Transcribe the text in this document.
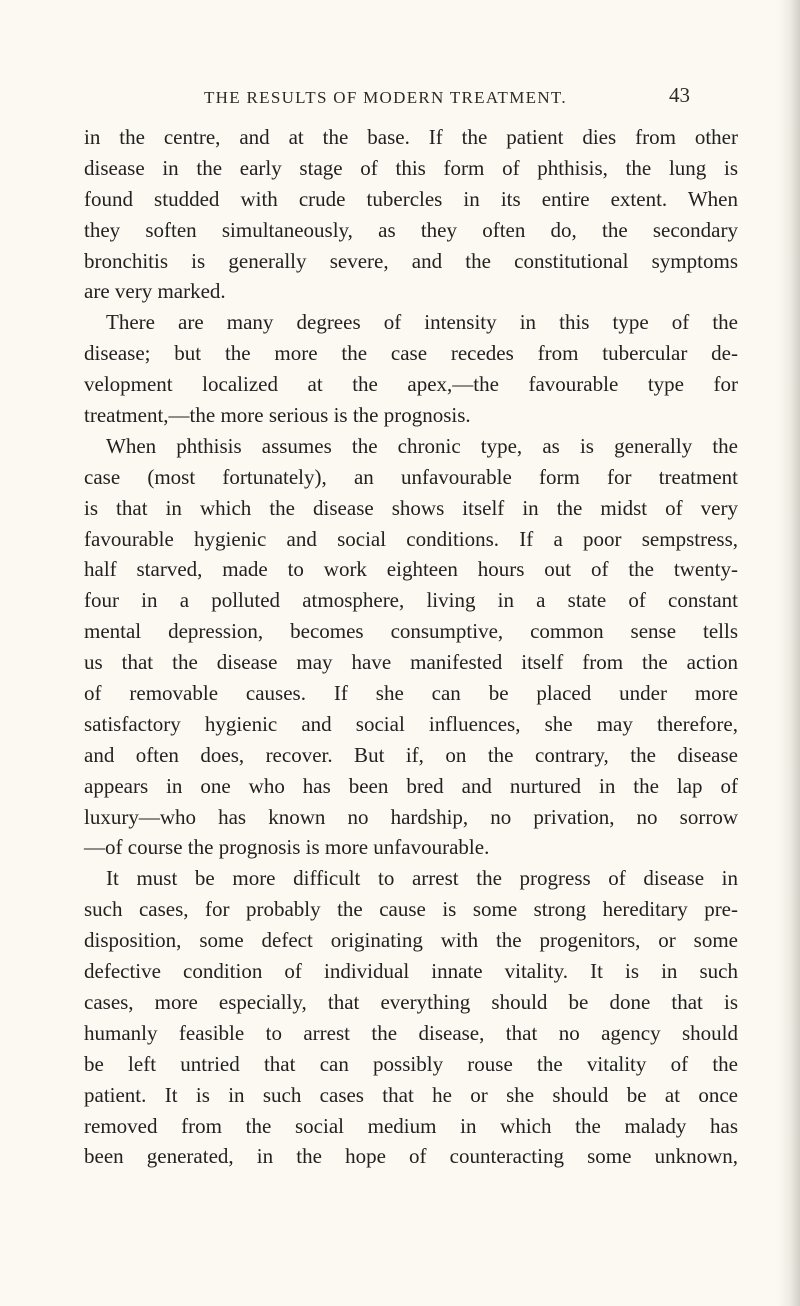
THE RESULTS OF MODERN TREATMENT.	43
in the centre, and at the base. If the patient dies from other
disease in the early stage of this form of phthisis, the lung is
found studded with crude tubercles in its entire extent. When
they soften simultaneously, as they often do, the secondary
bronchitis is generally severe, and the constitutional symptoms
are very marked.
There are many degrees of intensity in this type of the
disease; but the more the case recedes from tubercular de-
velopment localized at the apex,—the favourable type for
treatment,—the more serious is the prognosis.
When phthisis assumes the chronic type, as is generally the
case (most fortunately), an unfavourable form for treatment
is that in which the disease shows itself in the midst of very
favourable hygienic and social conditions. If a poor sempstress,
half starved, made to work eighteen hours out of the twenty-
four in a polluted atmosphere, living in a state of constant
mental depression, becomes consumptive, common sense tells
us that the disease may have manifested itself from the action
of removable causes. If she can be placed under more
satisfactory hygienic and social influences, she may therefore,
and often does, recover. But if, on the contrary, the disease
appears in one who has been bred and nurtured in the lap of
luxury—who has known no hardship, no privation, no sorrow
—of course the prognosis is more unfavourable.
It must be more difficult to arrest the progress of disease in
such cases, for probably the cause is some strong hereditary pre-
disposition, some defect originating with the progenitors, or some
defective condition of individual innate vitality. It is in such
cases, more especially, that everything should be done that is
humanly feasible to arrest the disease, that no agency should
be left untried that can possibly rouse the vitality of the
patient. It is in such cases that he or she should be at once
removed from the social medium in which the malady has
been generated, in the hope of counteracting some unknown,
